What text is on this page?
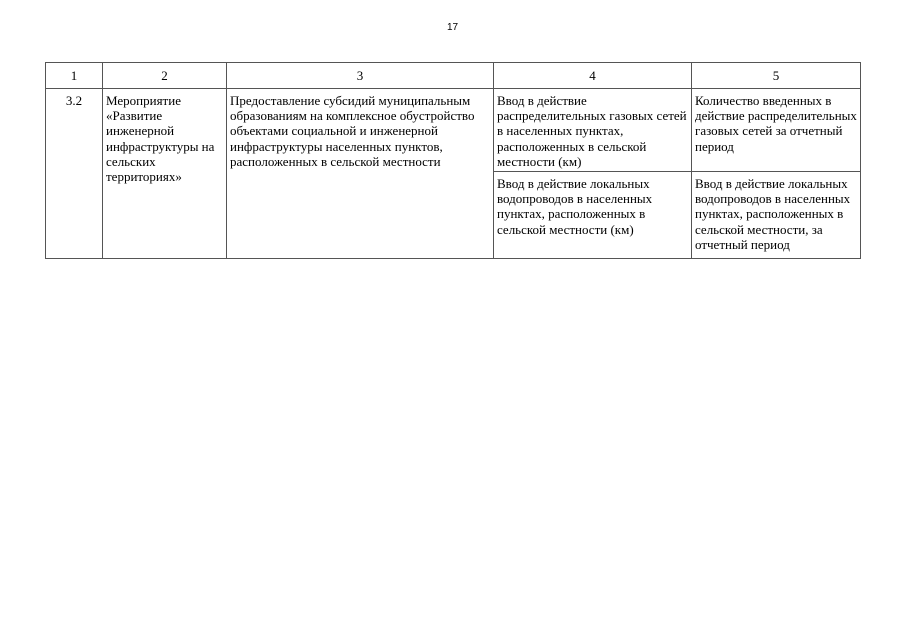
17
1	2	3	4	5
3.2	Мероприятие «Развитие инженерной инфраструктуры на сельских территориях»	Предоставление субсидий муниципальным образованиям на комплексное обустройство объектами социальной и инженерной инфраструктуры населенных пунктов, расположенных в сельской местности	Ввод в действие распределительных газовых сетей в населенных пунктах, расположенных в сельской местности (км)	Количество введенных в действие распределительных газовых сетей за отчетный период
			Ввод в действие локальных водопроводов в населенных пунктах, расположенных в сельской местности (км)	Ввод в действие локальных водопроводов в населенных пунктах, расположенных в сельской местности, за отчетный период
